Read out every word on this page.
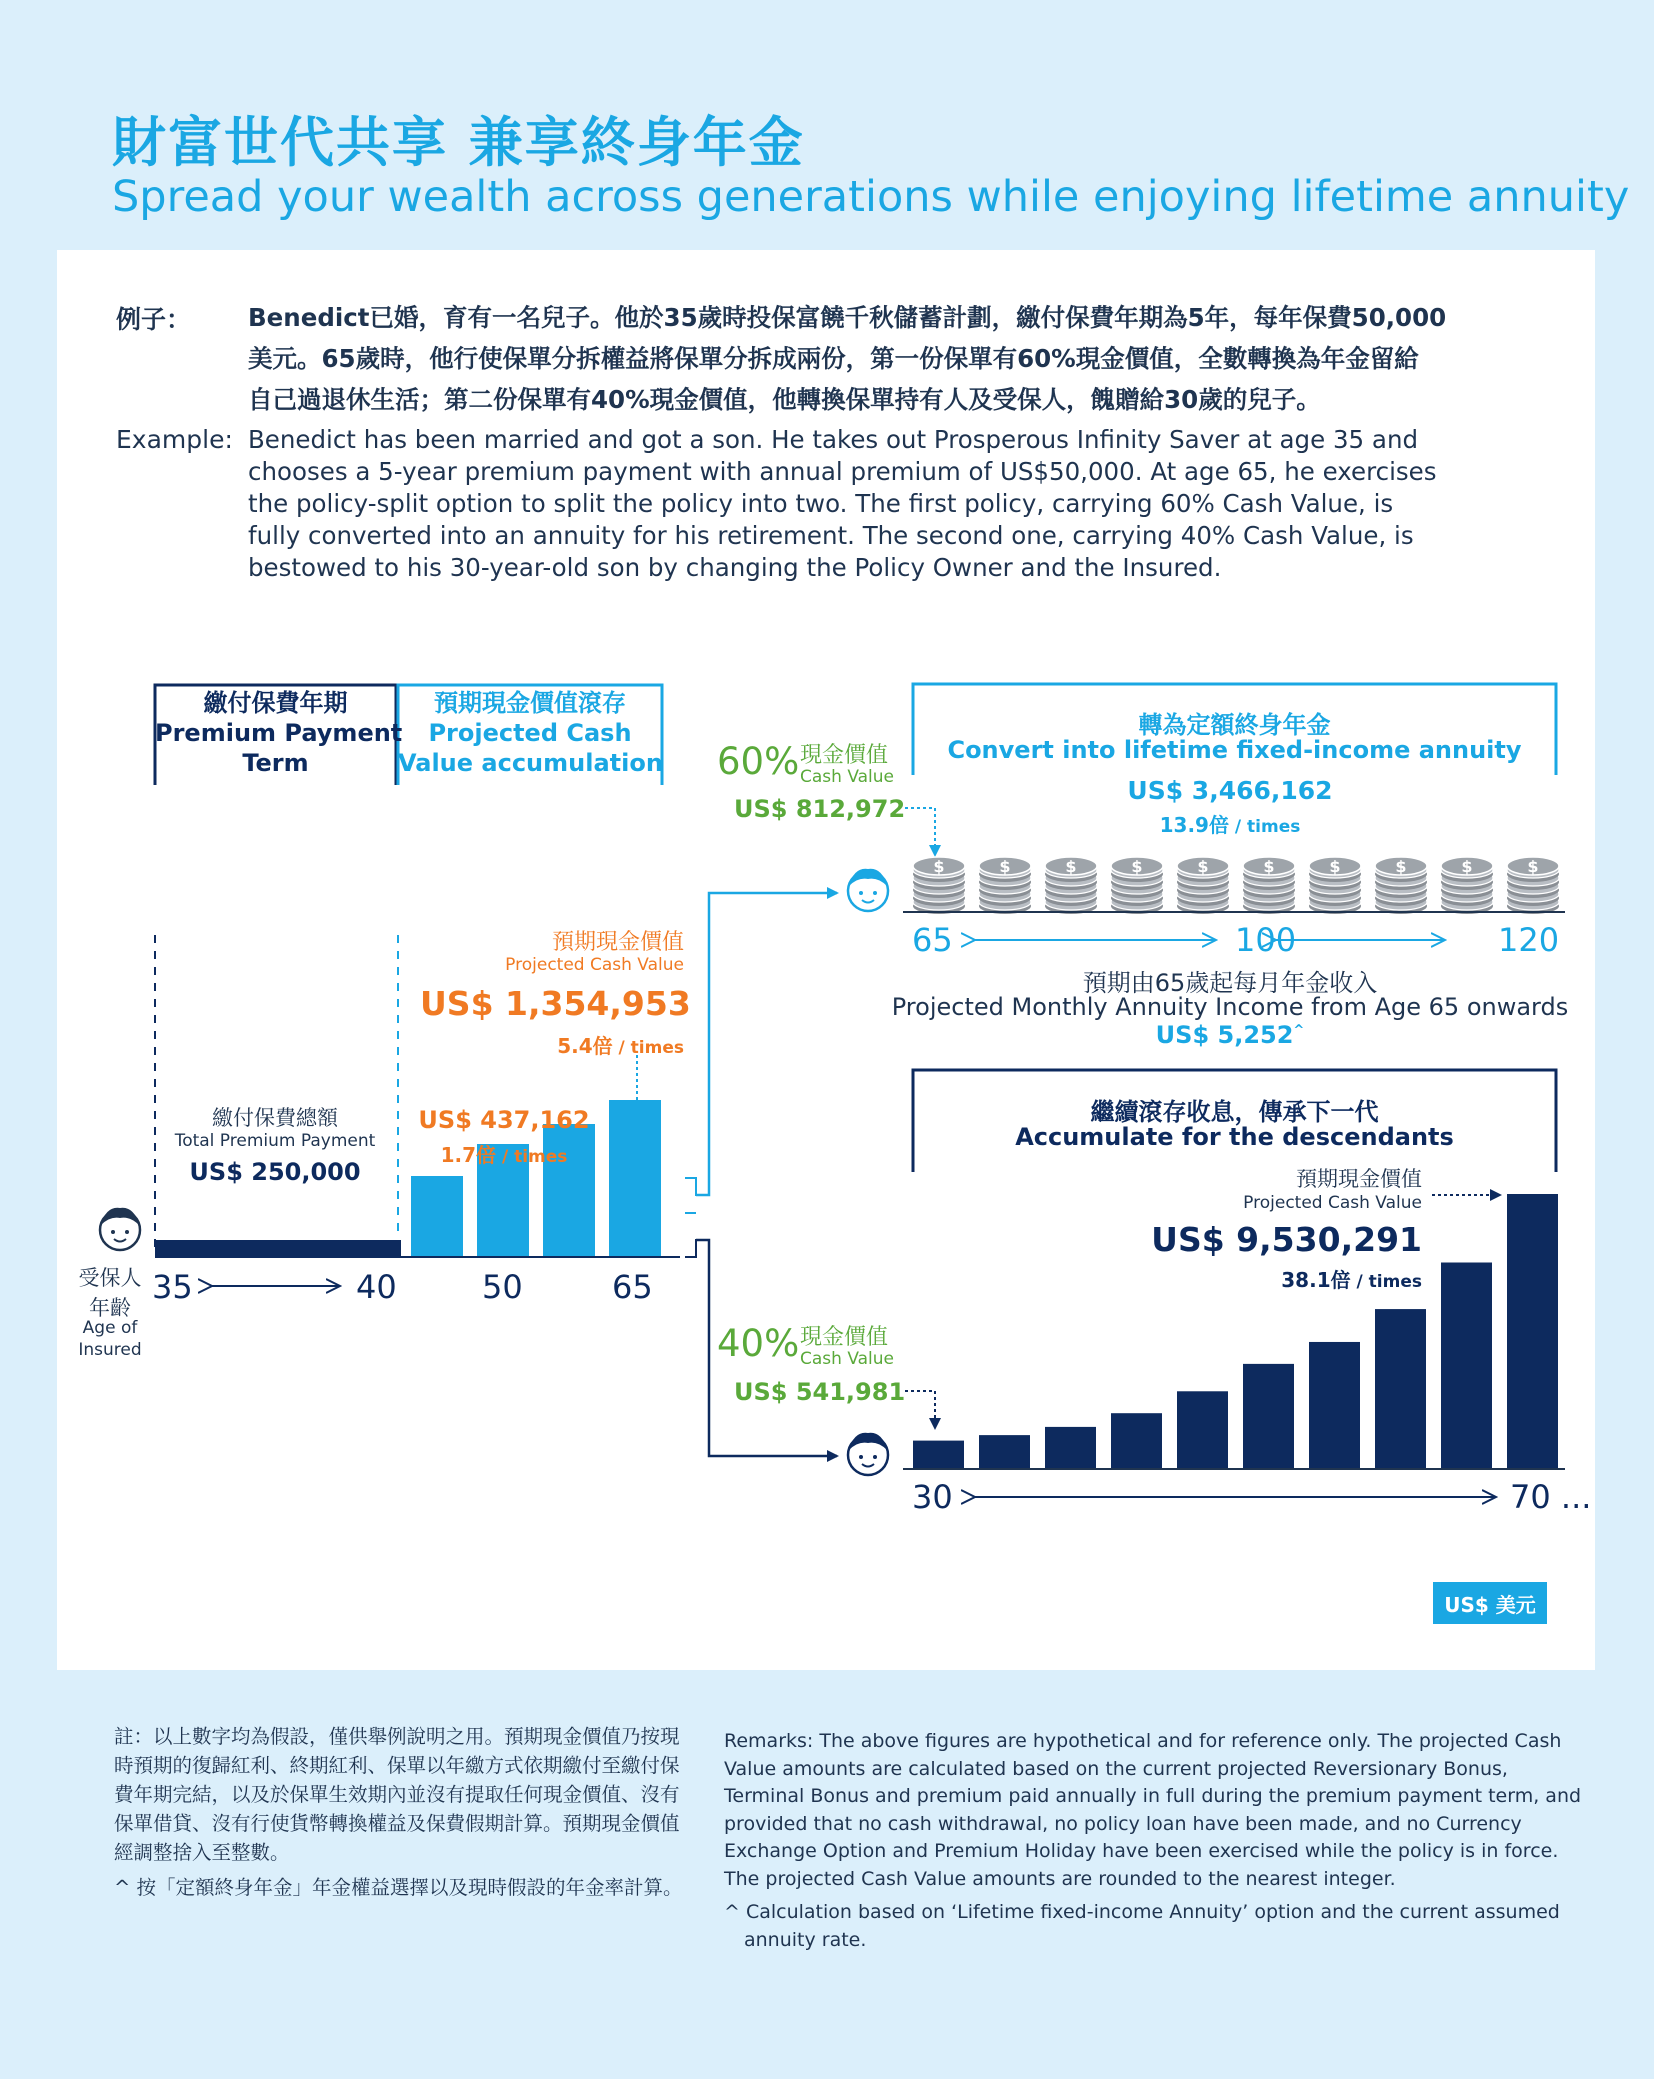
財富世代共享 兼享終身年金
Spread your wealth across generations while enjoying lifetime annuity
例子： Benedict已婚，育有一名兒子。他於35歲時投保富饒千秋儲蓄計劃，繳付保費年期為5年，每年保費50,000
美元。65歲時，他行使保單分拆權益將保單分拆成兩份，第一份保單有60%現金價值，全數轉換為年金留給
自己過退休生活；第二份保單有40%現金價值，他轉換保單持有人及受保人，餽贈給30歲的兒子。
Example: Benedict has been married and got a son. He takes out Prosperous Infinity Saver at age 35 and
chooses a 5-year premium payment with annual premium of US$50,000. At age 65, he exercises
the policy-split option to split the policy into two. The first policy, carrying 60% Cash Value, is
fully converted into an annuity for his retirement. The second one, carrying 40% Cash Value, is
bestowed to his 30-year-old son by changing the Policy Owner and the Insured.
$	$	$	$	$	$	$	$	$	$
繳付保費年期
Premium Payment
Term
預期現金價值滾存
Projected Cash
Value accumulation
預期現金價值
Projected Cash Value
US$ 1,354,953
5.4倍 / times
繳付保費總額
Total Premium Payment
US$ 250,000
US$ 437,162
1.7倍 / times
35	40	50	65
受保人
年齡
Age of
Insured
60% 現金價值
Cash Value
US$ 812,972
轉為定額終身年金
Convert into lifetime fixed-income annuity
US$ 3,466,162
13.9倍 / times
65	100	120
預期由65歲起每月年金收入
Projected Monthly Annuity Income from Age 65 onwards
US$ 5,252^
繼續滾存收息，傳承下一代
Accumulate for the descendants
預期現金價值
Projected Cash Value
US$ 9,530,291
38.1倍 / times
40% 現金價值
Cash Value
US$ 541,981
30	70 ...
US$ 美元

註：以上數字均為假設，僅供舉例說明之用。預期現金價值乃按現時預期的復歸紅利、終期紅利、保單以年繳方式依期繳付至繳付保費年期完結，以及於保單生效期內並沒有提取任何現金價值、沒有保單借貸、沒有行使貨幣轉換權益及保費假期計算。預期現金價值經調整捨入至整數。

^ 按「定額終身年金」年金權益選擇以及現時假設的年金率計算。

Remarks: The above figures are hypothetical and for reference only. The projected Cash Value amounts are calculated based on the current projected Reversionary Bonus, Terminal Bonus and premium paid annually in full during the premium payment term, and provided that no cash withdrawal, no policy loan have been made, and no Currency Exchange Option and Premium Holiday have been exercised while the policy is in force. The projected Cash Value amounts are rounded to the nearest integer.

^ Calculation based on ‘Lifetime fixed-income Annuity’ option and the current assumed annuity rate.
